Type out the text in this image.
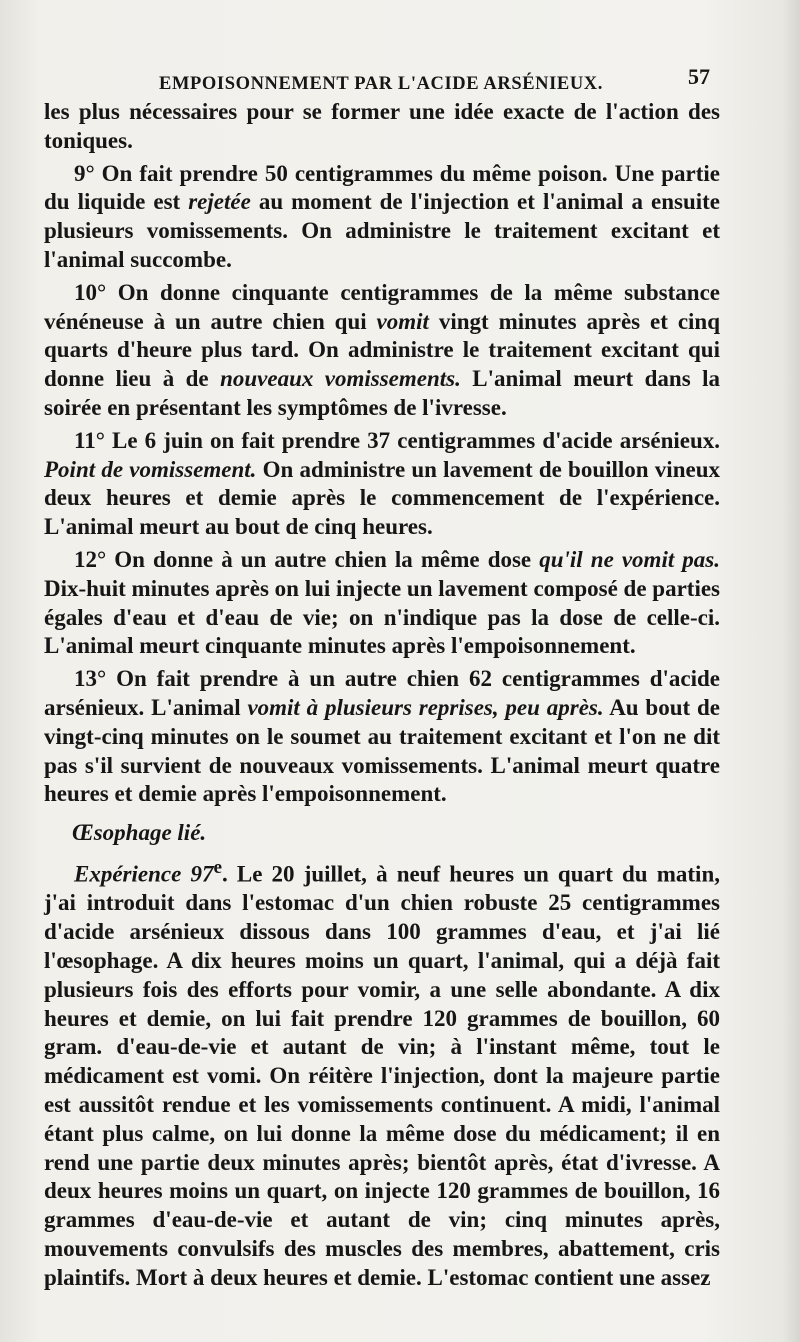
EMPOISONNEMENT PAR L'ACIDE ARSÉNIEUX.	57

les plus nécessaires pour se former une idée exacte de l'action des toniques.

9° On fait prendre 50 centigrammes du même poison. Une partie du liquide est rejetée au moment de l'injection et l'animal a ensuite plusieurs vomissements. On administre le traitement excitant et l'animal succombe.

10° On donne cinquante centigrammes de la même substance vénéneuse à un autre chien qui vomit vingt minutes après et cinq quarts d'heure plus tard. On administre le traitement excitant qui donne lieu à de nouveaux vomissements. L'animal meurt dans la soirée en présentant les symptômes de l'ivresse.

11° Le 6 juin on fait prendre 37 centigrammes d'acide arsénieux. Point de vomissement. On administre un lavement de bouillon vineux deux heures et demie après le commencement de l'expérience. L'animal meurt au bout de cinq heures.

12° On donne à un autre chien la même dose qu'il ne vomit pas. Dix-huit minutes après on lui injecte un lavement composé de parties égales d'eau et d'eau de vie; on n'indique pas la dose de celle-ci. L'animal meurt cinquante minutes après l'empoisonnement.

13° On fait prendre à un autre chien 62 centigrammes d'acide arsénieux. L'animal vomit à plusieurs reprises, peu après. Au bout de vingt-cinq minutes on le soumet au traitement excitant et l'on ne dit pas s'il survient de nouveaux vomissements. L'animal meurt quatre heures et demie après l'empoisonnement.

Œsophage lié.

Expérience 97e. Le 20 juillet, à neuf heures un quart du matin, j'ai introduit dans l'estomac d'un chien robuste 25 centigrammes d'acide arsénieux dissous dans 100 grammes d'eau, et j'ai lié l'œsophage. A dix heures moins un quart, l'animal, qui a déjà fait plusieurs fois des efforts pour vomir, a une selle abondante. A dix heures et demie, on lui fait prendre 120 grammes de bouillon, 60 gram. d'eau-de-vie et autant de vin; à l'instant même, tout le médicament est vomi. On réitère l'injection, dont la majeure partie est aussitôt rendue et les vomissements continuent. A midi, l'animal étant plus calme, on lui donne la même dose du médicament; il en rend une partie deux minutes après; bientôt après, état d'ivresse. A deux heures moins un quart, on injecte 120 grammes de bouillon, 16 grammes d'eau-de-vie et autant de vin; cinq minutes après, mouvements convulsifs des muscles des membres, abattement, cris plaintifs. Mort à deux heures et demie. L'estomac contient une assez
